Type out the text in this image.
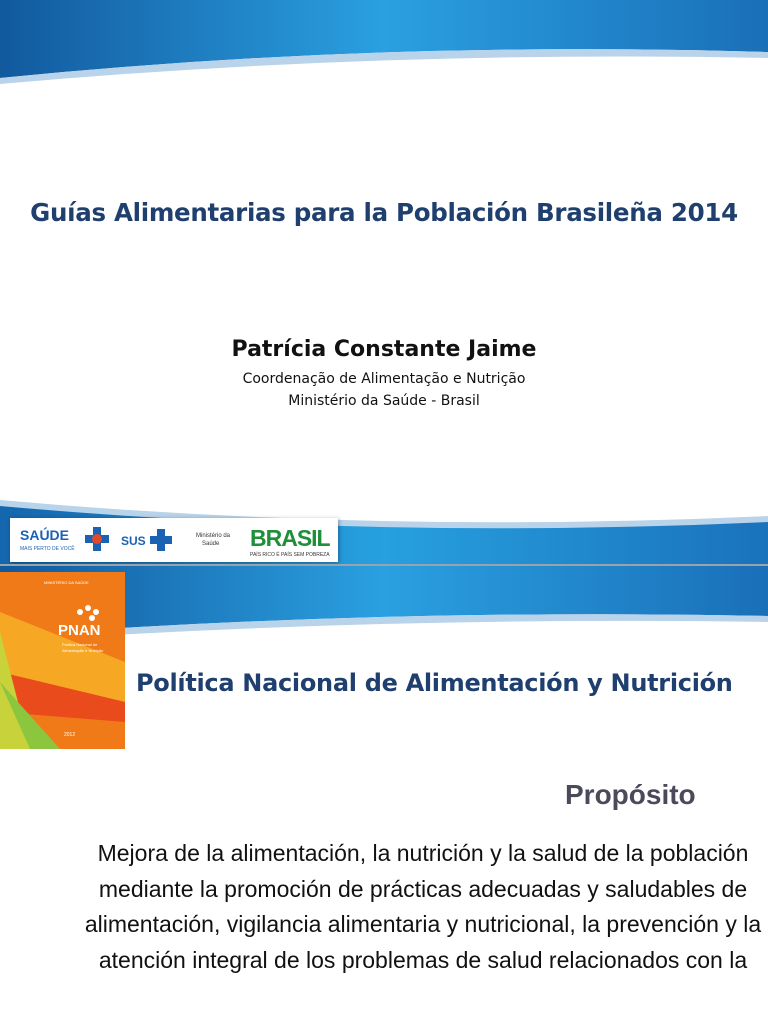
Guías Alimentarias para la Población Brasileña 2014
Patrícia Constante Jaime
Coordenação de Alimentação e Nutrição
Ministério da Saúde - Brasil
SAÚDE
MAIS PERTO DE VOCÊ
SUS	Ministério da
Saúde BRASIL
PAÍS RICO É PAÍS SEM POBREZA
MINISTÉRIO DA SAÚDE
PNAN
Política Nacional de
Alimentação e Nutrição
2012
Política Nacional de Alimentación y Nutrición
Propósito
Mejora de la alimentación, la nutrición y la salud de la población mediante la promoción de prácticas adecuadas y saludables de alimentación, vigilancia alimentaria y nutricional, la prevención y la atención integral de los problemas de salud relacionados con la
